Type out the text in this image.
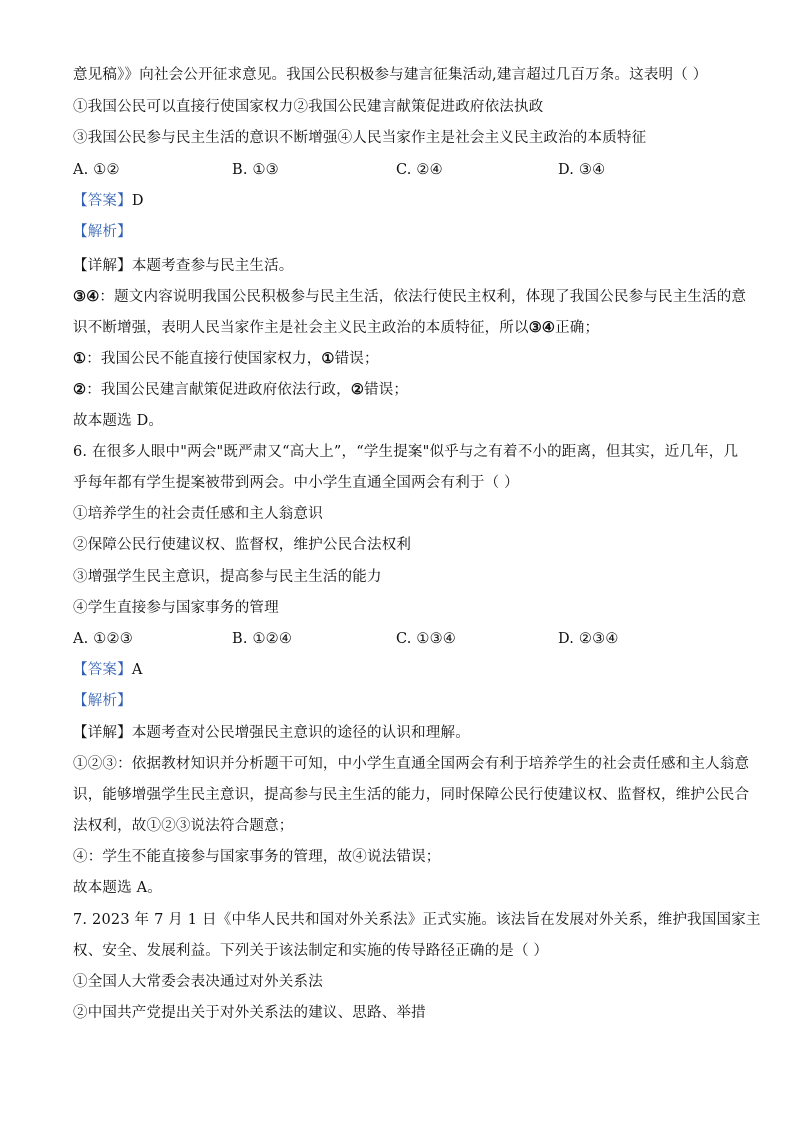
意见稿》》向社会公开征求意见。我国公民积极参与建言征集活动,建言超过几百万条。这表明（ ）
①我国公民可以直接行使国家权力②我国公民建言献策促进政府依法执政
③我国公民参与民主生活的意识不断增强④人民当家作主是社会主义民主政治的本质特征
A. ①②	B. ①③	C. ②④	D. ③④
【答案】D
【解析】
【详解】本题考查参与民主生活。
③④：题文内容说明我国公民积极参与民主生活，依法行使民主权利，体现了我国公民参与民主生活的意
识不断增强，表明人民当家作主是社会主义民主政治的本质特征，所以③④正确；
①：我国公民不能直接行使国家权力，①错误；
②：我国公民建言献策促进政府依法行政，②错误；
故本题选 D。
6. 在很多人眼中"两会"既严肃又“高大上”，“学生提案"似乎与之有着不小的距离，但其实，近几年，几
乎每年都有学生提案被带到两会。中小学生直通全国两会有利于（ ）
①培养学生的社会责任感和主人翁意识
②保障公民行使建议权、监督权，维护公民合法权利
③增强学生民主意识，提高参与民主生活的能力
④学生直接参与国家事务的管理
A. ①②③	B. ①②④	C. ①③④	D. ②③④
【答案】A
【解析】
【详解】本题考查对公民增强民主意识的途径的认识和理解。
①②③：依据教材知识并分析题干可知，中小学生直通全国两会有利于培养学生的社会责任感和主人翁意
识，能够增强学生民主意识，提高参与民主生活的能力，同时保障公民行使建议权、监督权，维护公民合
法权利，故①②③说法符合题意；
④：学生不能直接参与国家事务的管理，故④说法错误；
故本题选 A。
7. 2023 年 7 月 1 日《中华人民共和国对外关系法》正式实施。该法旨在发展对外关系，维护我国国家主
权、安全、发展利益。下列关于该法制定和实施的传导路径正确的是（ ）
①全国人大常委会表决通过对外关系法
②中国共产党提出关于对外关系法的建议、思路、举措
